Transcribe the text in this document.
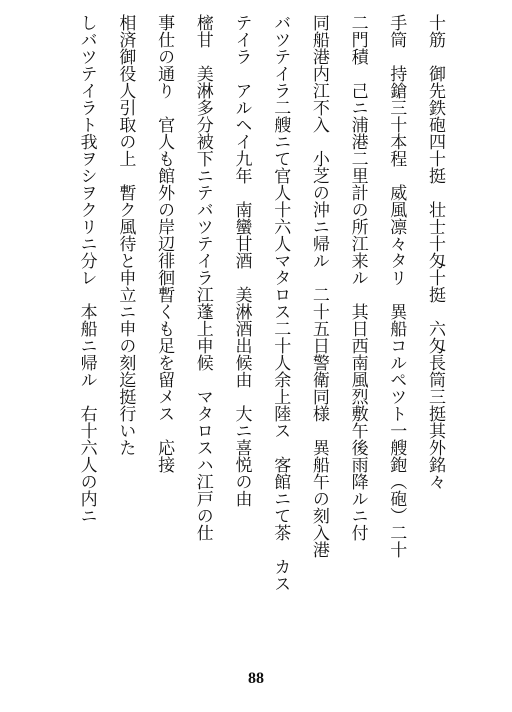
十筋　御先鉄砲四十挺　壮士十匁十挺　六匁長筒三挺其外銘々
手筒　持鎗三十本程　威風凛々タリ　異船コルペツト一艘鉋（砲）二十
二門積　己ニ浦港二里計の所江来ル　其日西南風烈敷午後雨降ルニ付
同船港内江不入　小芝の沖ニ帰ル　二十五日警衛同様　異船午の刻入港
バツテイラ二艘ニて官人十六人マタロス二十人余上陸ス　客館ニて茶　カス
テイラ　アルヘイ九年　南蠻甘酒　美淋酒出候由　大ニ喜悦の由
樒甘　美淋多分被下ニテバツテイラ江蓬上申候　マタロスハ江戸の仕
事仕の通り　官人も館外の岸辺徘徊暫くも足を留メス　応接
相済御役人引取の上　暫ク風待と申立ニ申の刻迄挺行いた
しバツテイラト我ヲシヲクリニ分レ　本船ニ帰ル　右十六人の内ニ
88
